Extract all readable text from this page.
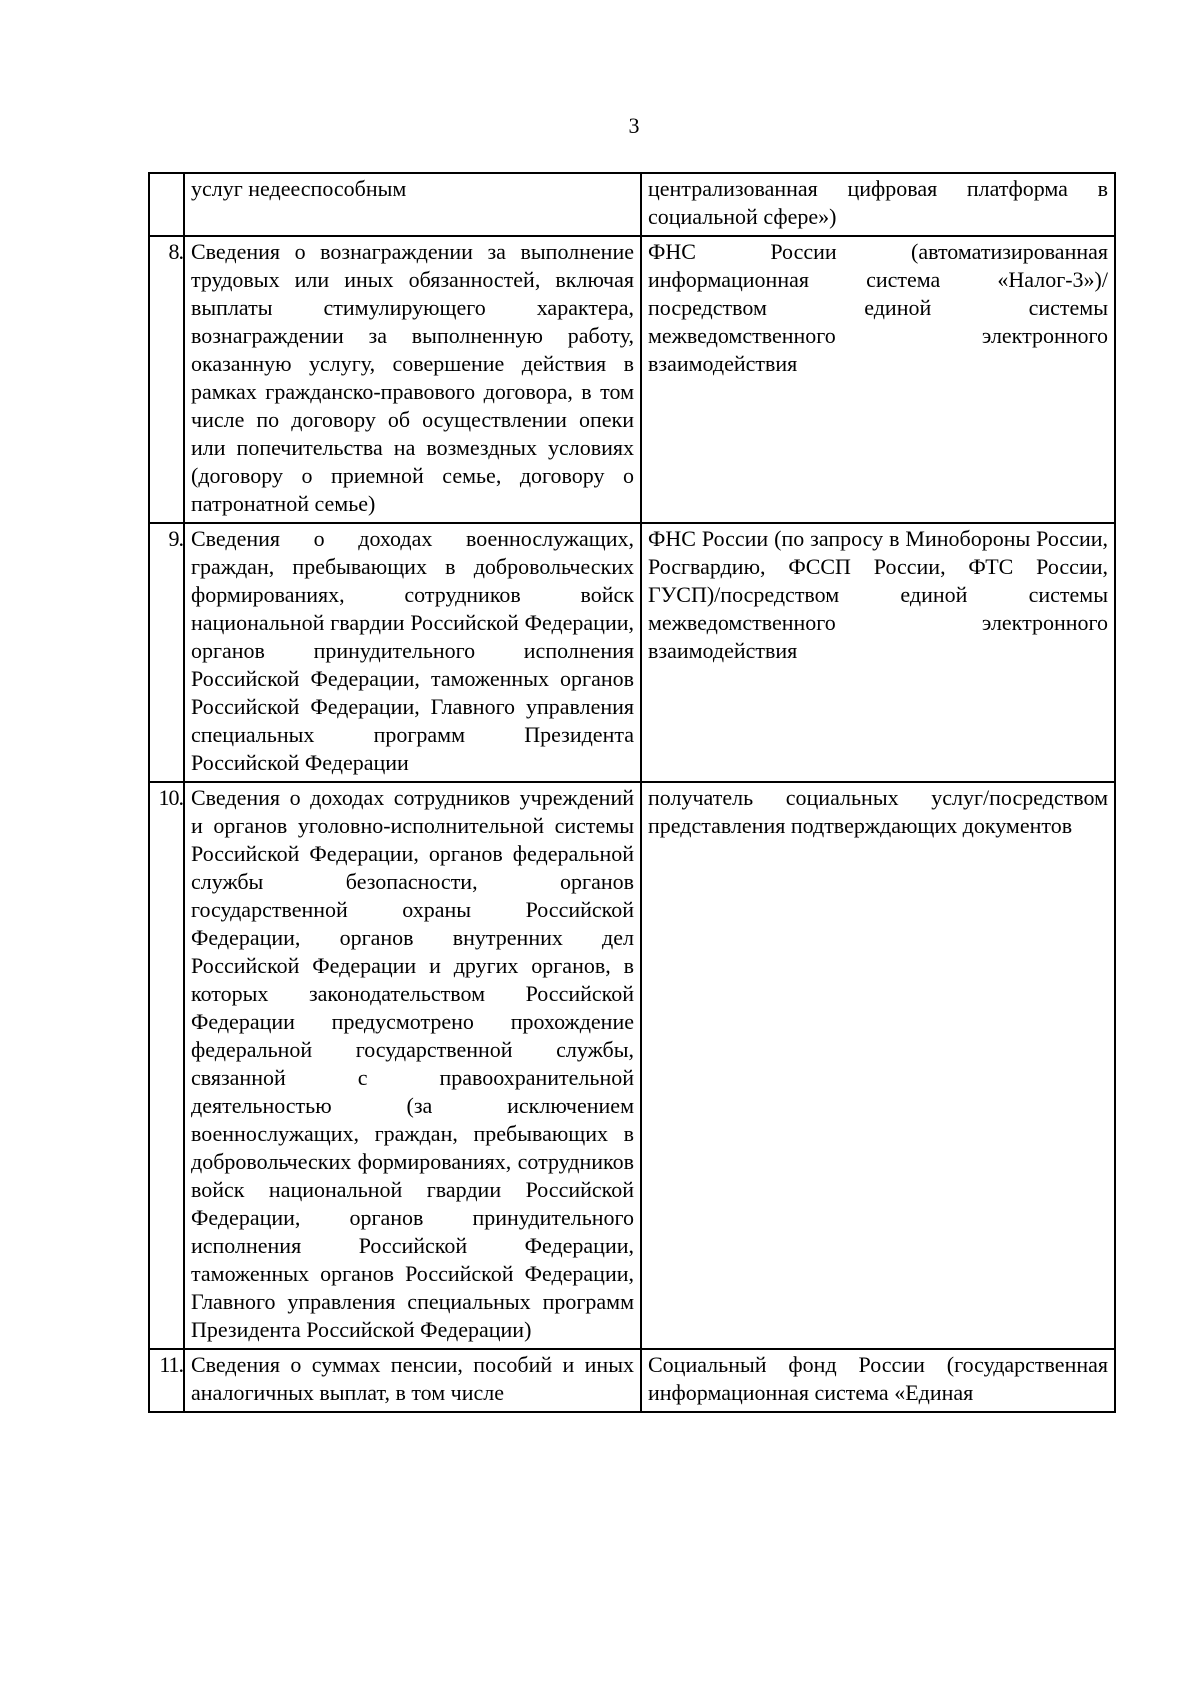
3
	услуг недееспособным	централизованная цифровая платформа в социальной сфере»)
8.	Сведения о вознаграждении за выполнение трудовых или иных обязанностей, включая выплаты стимулирующего характера, вознаграждении за выполненную работу, оказанную услугу, совершение действия в рамках гражданско-правового договора, в том числе по договору об осуществлении опеки или попечительства на возмездных условиях (договору о приемной семье, договору о патронатной семье)	ФНС России (автоматизированная информационная система «Налог-3»)/посредством единой системы межведомственного электронного взаимодействия
9.	Сведения о доходах военнослужащих, граждан, пребывающих в добровольческих формированиях, сотрудников войск национальной гвардии Российской Федерации, органов принудительного исполнения Российской Федерации, таможенных органов Российской Федерации, Главного управления специальных программ Президента Российской Федерации	ФНС России (по запросу в Минобороны России, Росгвардию, ФССП России, ФТС России, ГУСП)/посредством единой системы межведомственного электронного взаимодействия
10.	Сведения о доходах сотрудников учреждений и органов уголовно-исполнительной системы Российской Федерации, органов федеральной службы безопасности, органов государственной охраны Российской Федерации, органов внутренних дел Российской Федерации и других органов, в которых законодательством Российской Федерации предусмотрено прохождение федеральной государственной службы, связанной с правоохранительной деятельностью (за исключением военнослужащих, граждан, пребывающих в добровольческих формированиях, сотрудников войск национальной гвардии Российской Федерации, органов принудительного исполнения Российской Федерации, таможенных органов Российской Федерации, Главного управления специальных программ Президента Российской Федерации)	получатель социальных услуг/посредством представления подтверждающих документов
11.	Сведения о суммах пенсии, пособий и иных аналогичных выплат, в том числе	Социальный фонд России (государственная информационная система «Единая
